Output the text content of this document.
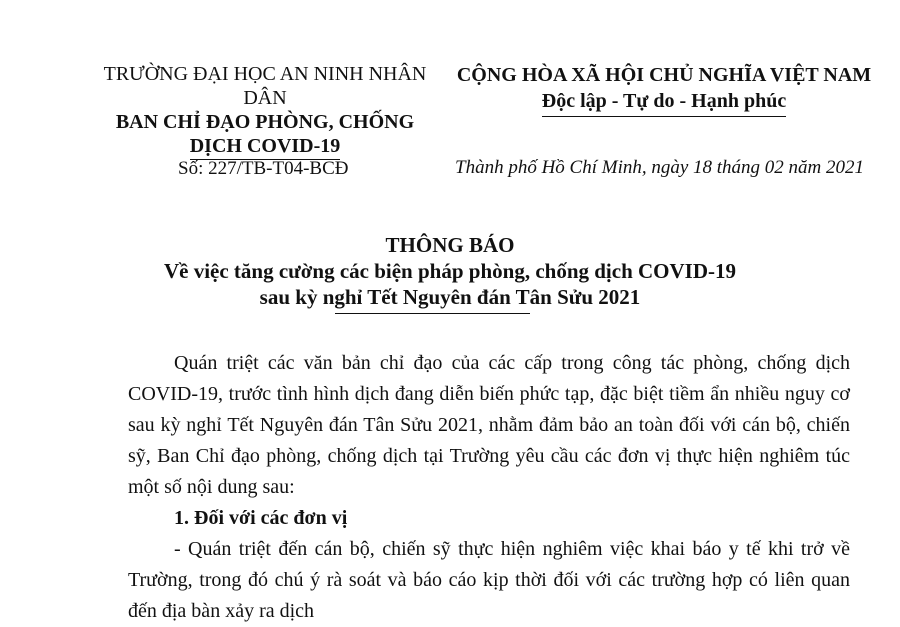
TRƯỜNG ĐẠI HỌC AN NINH NHÂN DÂN
BAN CHỈ ĐẠO PHÒNG, CHỐNG
DỊCH COVID-19
CỘNG HÒA XÃ HỘI CHỦ NGHĨA VIỆT NAM
Độc lập - Tự do - Hạnh phúc
Số: 227/TB-T04-BCĐ	Thành phố Hồ Chí Minh, ngày 18 tháng 02 năm 2021
THÔNG BÁO
Về việc tăng cường các biện pháp phòng, chống dịch COVID-19
sau kỳ nghỉ Tết Nguyên đán Tân Sửu 2021

Quán triệt các văn bản chỉ đạo của các cấp trong công tác phòng, chống dịch COVID-19, trước tình hình dịch đang diễn biến phức tạp, đặc biệt tiềm ẩn nhiều nguy cơ sau kỳ nghỉ Tết Nguyên đán Tân Sửu 2021, nhằm đảm bảo an toàn đối với cán bộ, chiến sỹ, Ban Chỉ đạo phòng, chống dịch tại Trường yêu cầu các đơn vị thực hiện nghiêm túc một số nội dung sau:

1. Đối với các đơn vị

- Quán triệt đến cán bộ, chiến sỹ thực hiện nghiêm việc khai báo y tế khi trở về Trường, trong đó chú ý rà soát và báo cáo kịp thời đối với các trường hợp có liên quan đến địa bàn xảy ra dịch
